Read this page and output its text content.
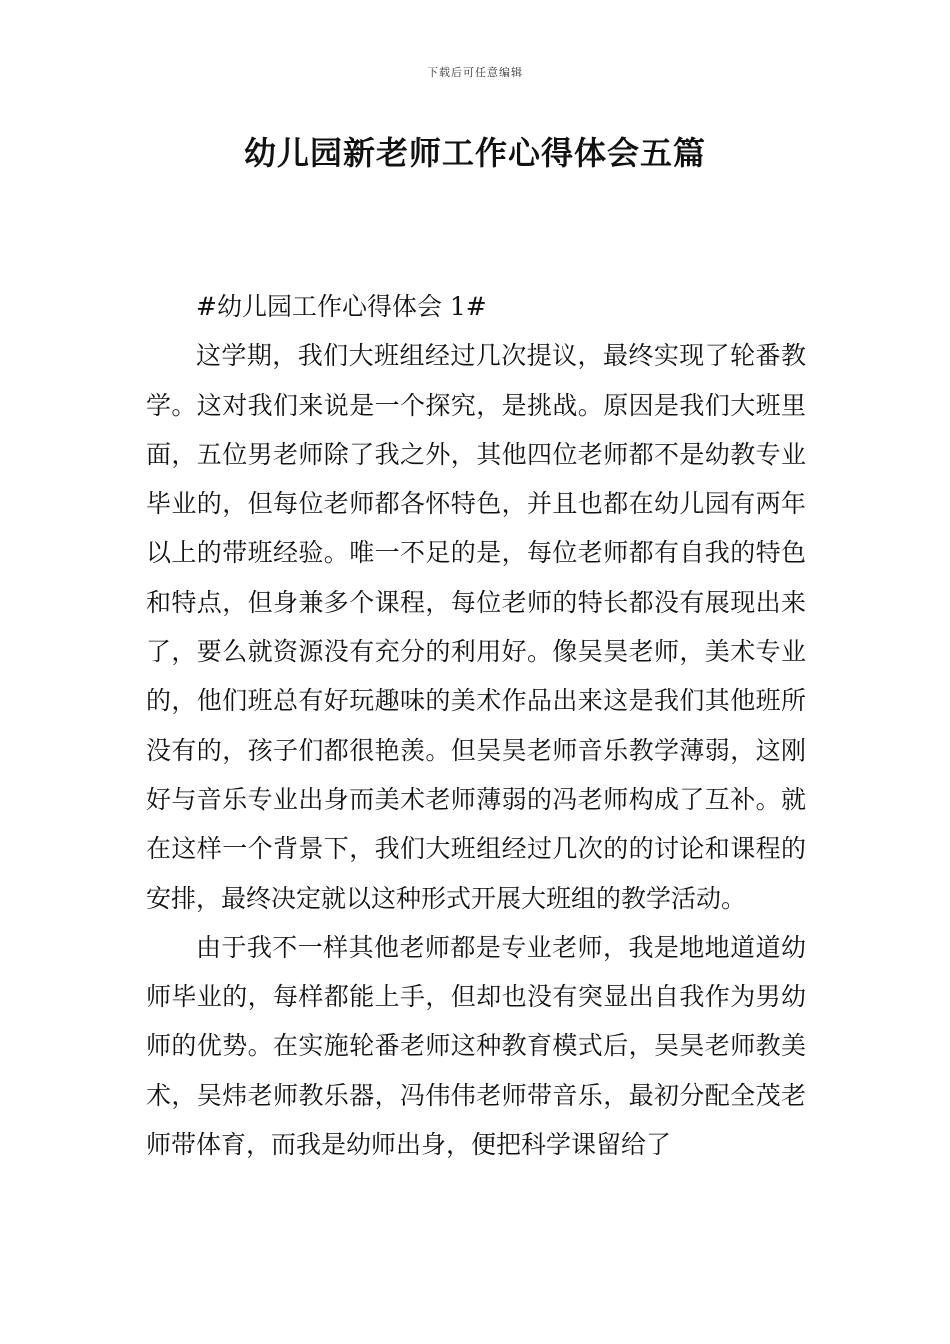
下载后可任意编辑
幼儿园新老师工作心得体会五篇
#幼儿园工作心得体会 1#

这学期，我们大班组经过几次提议，最终实现了轮番教学。这对我们来说是一个探究，是挑战。原因是我们大班里面，五位男老师除了我之外，其他四位老师都不是幼教专业毕业的，但每位老师都各怀特色，并且也都在幼儿园有两年以上的带班经验。唯一不足的是，每位老师都有自我的特色和特点，但身兼多个课程，每位老师的特长都没有展现出来了，要么就资源没有充分的利用好。像吴昊老师，美术专业的，他们班总有好玩趣味的美术作品出来这是我们其他班所没有的，孩子们都很艳羡。但吴昊老师音乐教学薄弱，这刚好与音乐专业出身而美术老师薄弱的冯老师构成了互补。就在这样一个背景下，我们大班组经过几次的的讨论和课程的安排，最终决定就以这种形式开展大班组的教学活动。

由于我不一样其他老师都是专业老师，我是地地道道幼师毕业的，每样都能上手，但却也没有突显出自我作为男幼师的优势。在实施轮番老师这种教育模式后，吴昊老师教美术，吴炜老师教乐器，冯伟伟老师带音乐，最初分配全茂老师带体育，而我是幼师出身，便把科学课留给了
